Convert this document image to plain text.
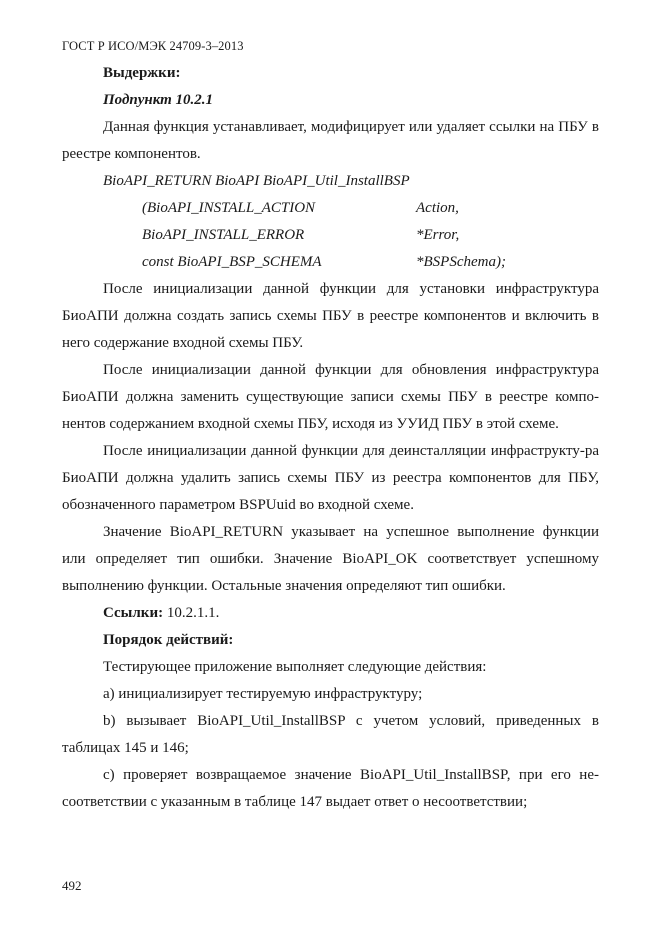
ГОСТ Р ИСО/МЭК 24709-3–2013

Выдержки:

Подпункт 10.2.1

Данная функция устанавливает, модифицирует или удаляет ссылки на ПБУ в реестре компонентов.

BioAPI_RETURN BioAPI BioAPI_Util_InstallBSP

(BioAPI_INSTALL_ACTION	Action,
BioAPI_INSTALL_ERROR	*Error,
const BioAPI_BSP_SCHEMA	*BSPSchema);

После инициализации данной функции для установки инфраструктура БиоАПИ должна создать запись схемы ПБУ в реестре компонентов и включить в него содержание входной схемы ПБУ.

После инициализации данной функции для обновления инфраструктура БиоАПИ должна заменить существующие записи схемы ПБУ в реестре компо-нентов содержанием входной схемы ПБУ, исходя из УУИД ПБУ в этой схеме.

После инициализации данной функции для деинсталляции инфраструкту-ра БиоАПИ должна удалить запись схемы ПБУ из реестра компонентов для ПБУ, обозначенного параметром BSPUuid во входной схеме.

Значение BioAPI_RETURN указывает на успешное выполнение функции или определяет тип ошибки. Значение BioAPI_OK соответствует успешному выполнению функции. Остальные значения определяют тип ошибки.

Ссылки: 10.2.1.1.

Порядок действий:

Тестирующее приложение выполняет следующие действия:

a) инициализирует тестируемую инфраструктуру;

b) вызывает BioAPI_Util_InstallBSP с учетом условий, приведенных в таблицах 145 и 146;

c) проверяет возвращаемое значение BioAPI_Util_InstallBSP, при его не-соответствии с указанным в таблице 147 выдает ответ о несоответствии;

492
